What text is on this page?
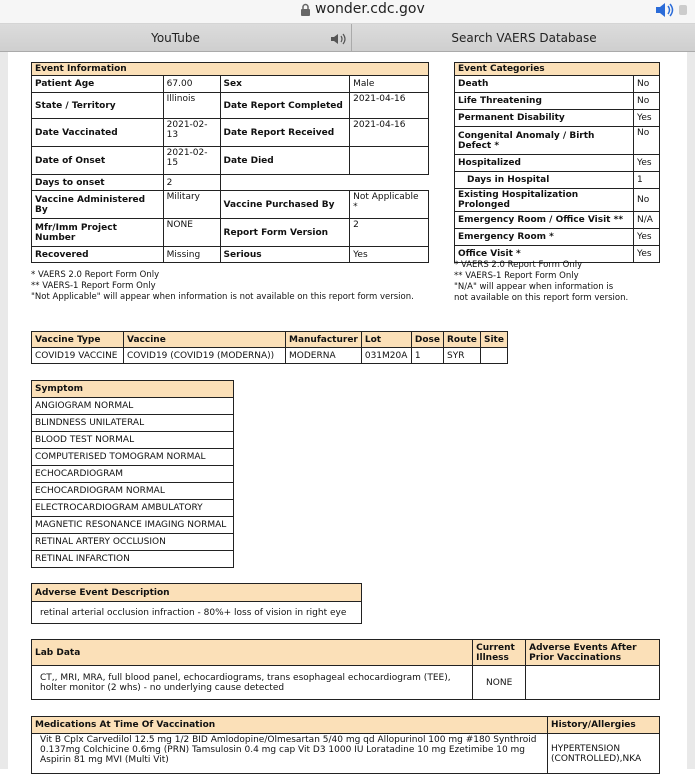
wonder.cdc.gov
YouTube	Search VAERS Database
Event Information			
Patient Age	67.00	Sex	Male
State / Territory	Illinois	Date Report Completed	2021-04-16
Date Vaccinated	2021-02-13	Date Report Received	2021-04-16
Date of Onset	2021-02-15	Date Died	
Days to onset	2		
Vaccine Administered By	Military	Vaccine Purchased By	Not Applicable *
Mfr/Imm Project Number	NONE	Report Form Version	2
Recovered	Missing	Serious	Yes
* VAERS 2.0 Report Form Only
** VAERS-1 Report Form Only
"Not Applicable" will appear when information is not available on this report form version.
Event Categories	
Death	No
Life Threatening	No
Permanent Disability	Yes
Congenital Anomaly / Birth Defect *	No
Hospitalized	Yes
Days in Hospital	1
Existing Hospitalization Prolonged	No
Emergency Room / Office Visit **	N/A
Emergency Room *	Yes
Office Visit *	Yes
* VAERS 2.0 Report Form Only
** VAERS-1 Report Form Only
"N/A" will appear when information is not available on this report form version.
Vaccine Type	Vaccine	Manufacturer	Lot	Dose	Route	Site
COVID19 VACCINE	COVID19 (COVID19 (MODERNA))	MODERNA	031M20A	1	SYR	
Symptom
ANGIOGRAM NORMAL
BLINDNESS UNILATERAL
BLOOD TEST NORMAL
COMPUTERISED TOMOGRAM NORMAL
ECHOCARDIOGRAM
ECHOCARDIOGRAM NORMAL
ELECTROCARDIOGRAM AMBULATORY
MAGNETIC RESONANCE IMAGING NORMAL
RETINAL ARTERY OCCLUSION
RETINAL INFARCTION
Adverse Event Description
retinal arterial occlusion infraction - 80%+ loss of vision in right eye
Lab Data	Current Illness	Adverse Events After Prior Vaccinations
CT,, MRI, MRA, full blood panel, echocardiograms, trans esophageal echocardiogram (TEE), holter monitor (2 whs) - no underlying cause detected	NONE	
Medications At Time Of Vaccination	History/Allergies
Vit B Cplx Carvedilol 12.5 mg 1/2 BID Amlodopine/Olmesartan 5/40 mg qd Allopurinol 100 mg #180 Synthroid 0.137mg Colchicine 0.6mg (PRN) Tamsulosin 0.4 mg cap Vit D3 1000 IU Loratadine 10 mg Ezetimibe 10 mg Aspirin 81 mg MVI (Multi Vit)	HYPERTENSION (CONTROLLED),NKA
